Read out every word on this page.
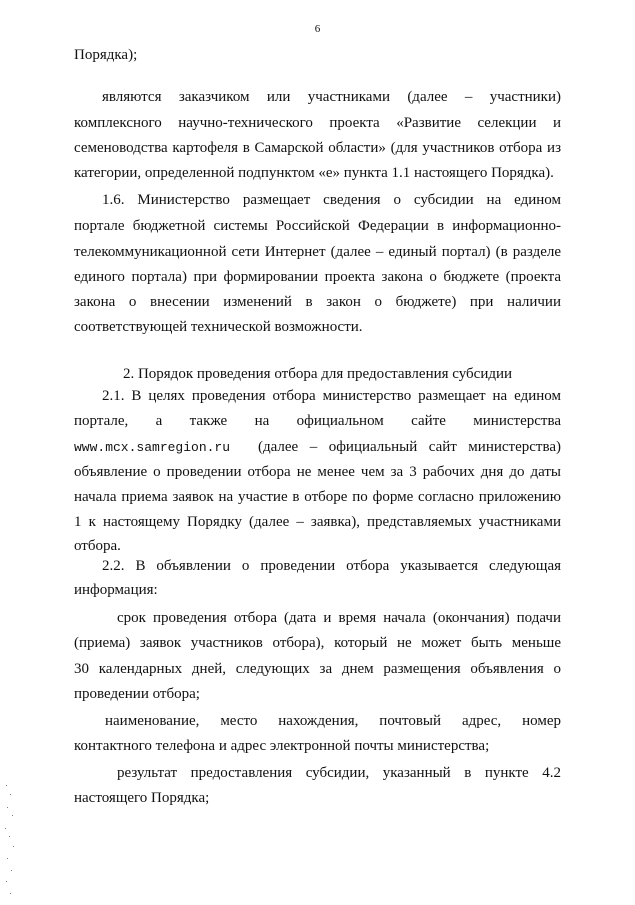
6
Порядка);
являются заказчиком или участниками (далее – участники)
комплексного научно-технического проекта «Развитие селекции и
семеноводства картофеля в Самарской области» (для участников отбора из
категории, определенной подпунктом «е» пункта 1.1 настоящего Порядка).
1.6. Министерство размещает сведения о субсидии на едином
портале бюджетной системы Российской Федерации в информационно-
телекоммуникационной сети Интернет (далее – единый портал) (в разделе
единого портала) при формировании проекта закона о бюджете (проекта
закона о внесении изменений в закон о бюджете) при наличии
соответствующей технической возможности.
2. Порядок проведения отбора для предоставления субсидии
2.1. В целях проведения отбора министерство размещает на едином
портале, а также на официальном сайте министерства
www.mcx.samregion.ru (далее – официальный сайт министерства)
объявление о проведении отбора не менее чем за 3 рабочих дня до даты
начала приема заявок на участие в отборе по форме согласно приложению
1 к настоящему Порядку (далее – заявка), представляемых участниками
отбора.
2.2. В объявлении о проведении отбора указывается следующая
информация:
срок проведения отбора (дата и время начала (окончания) подачи
(приема) заявок участников отбора), который не может быть меньше
30 календарных дней, следующих за днем размещения объявления о
проведении отбора;
наименование, место нахождения, почтовый адрес, номер
контактного телефона и адрес электронной почты министерства;
результат предоставления субсидии, указанный в пункте 4.2
настоящего Порядка;
